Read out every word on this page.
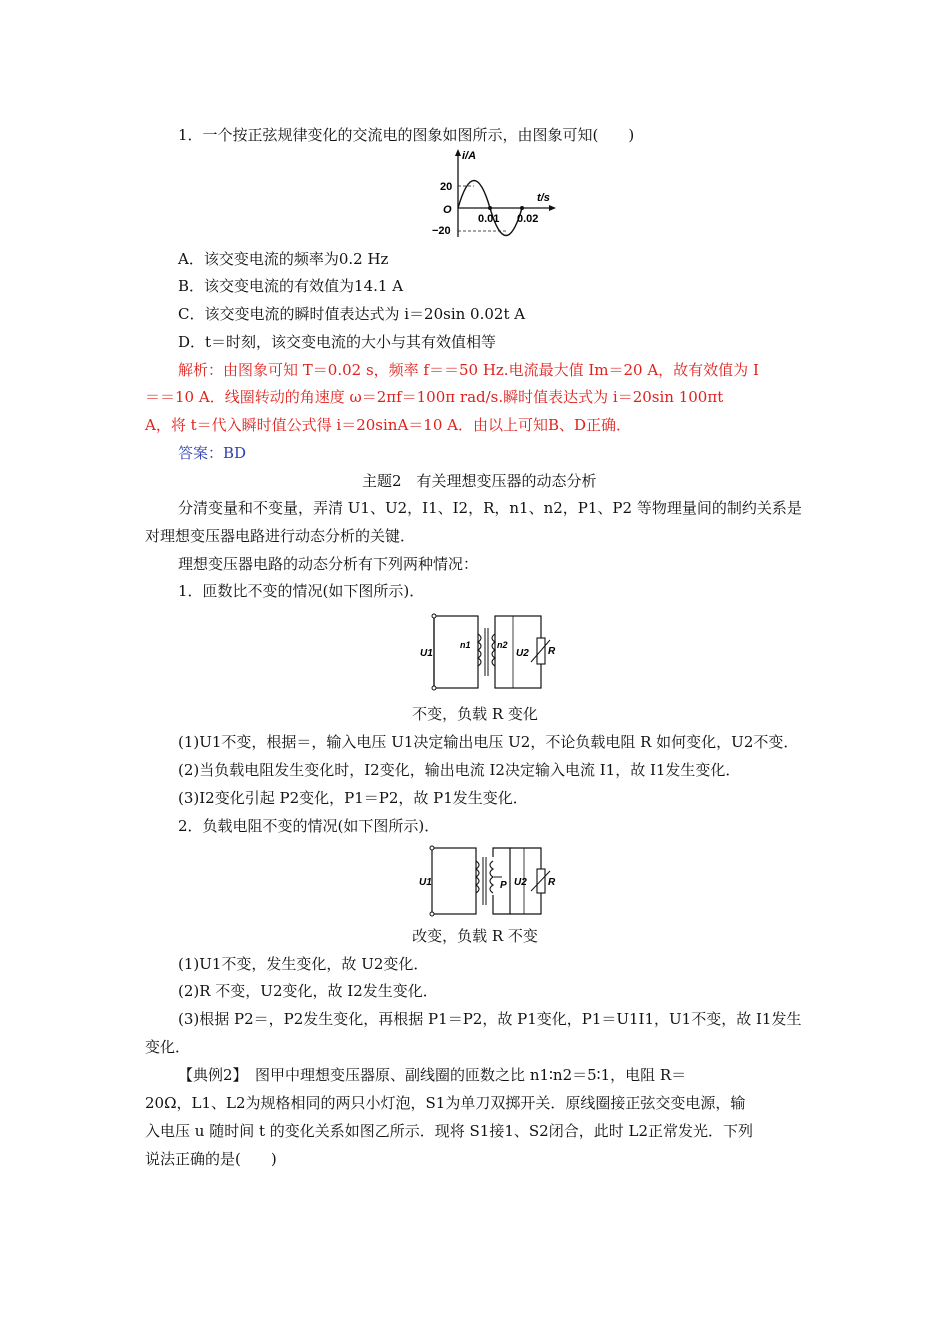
1．一个按正弦规律变化的交流电的图象如图所示，由图象可知(　　)
i/A
t/s
20
O
−20
0.01 0.02
A．该交变电流的频率为0.2 Hz
B．该交变电流的有效值为14.1 A
C．该交变电流的瞬时值表达式为 i＝20sin 0.02t A
D．t＝时刻，该交变电流的大小与其有效值相等
解析：由图象可知 T＝0.02 s，频率 f＝＝50 Hz.电流最大值 Im＝20 A，故有效值为 I
＝＝10 A．线圈转动的角速度 ω＝2πf＝100π rad/s.瞬时值表达式为 i＝20sin 100πt
A，将 t＝代入瞬时值公式得 i＝20sinA＝10 A．由以上可知B、D正确．
答案：BD
主题2　有关理想变压器的动态分析
分清变量和不变量，弄清 U1、U2，I1、I2，R，n1、n2，P1、P2 等物理量间的制约关系是
对理想变压器电路进行动态分析的关键．
理想变压器电路的动态分析有下列两种情况：
1．匝数比不变的情况(如下图所示)．
U1
n1	n2
U2 R
不变，负载 R 变化
(1)U1不变，根据＝，输入电压 U1决定输出电压 U2，不论负载电阻 R 如何变化，U2不变．
(2)当负载电阻发生变化时，I2变化，输出电流 I2决定输入电流 I1，故 I1发生变化．
(3)I2变化引起 P2变化，P1＝P2，故 P1发生变化．
2．负载电阻不变的情况(如下图所示)．
U1	P U2 R
改变，负载 R 不变
(1)U1不变，发生变化，故 U2变化．
(2)R 不变，U2变化，故 I2发生变化．
(3)根据 P2＝，P2发生变化，再根据 P1＝P2，故 P1变化，P1＝U1I1，U1不变，故 I1发生
变化．
【典例2】　图甲中理想变压器原、副线圈的匝数之比 n1∶n2＝5∶1，电阻 R＝
20Ω，L1、L2为规格相同的两只小灯泡，S1为单刀双掷开关．原线圈接正弦交变电源，输
入电压 u 随时间 t 的变化关系如图乙所示．现将 S1接1、S2闭合，此时 L2正常发光．下列
说法正确的是(　　)
